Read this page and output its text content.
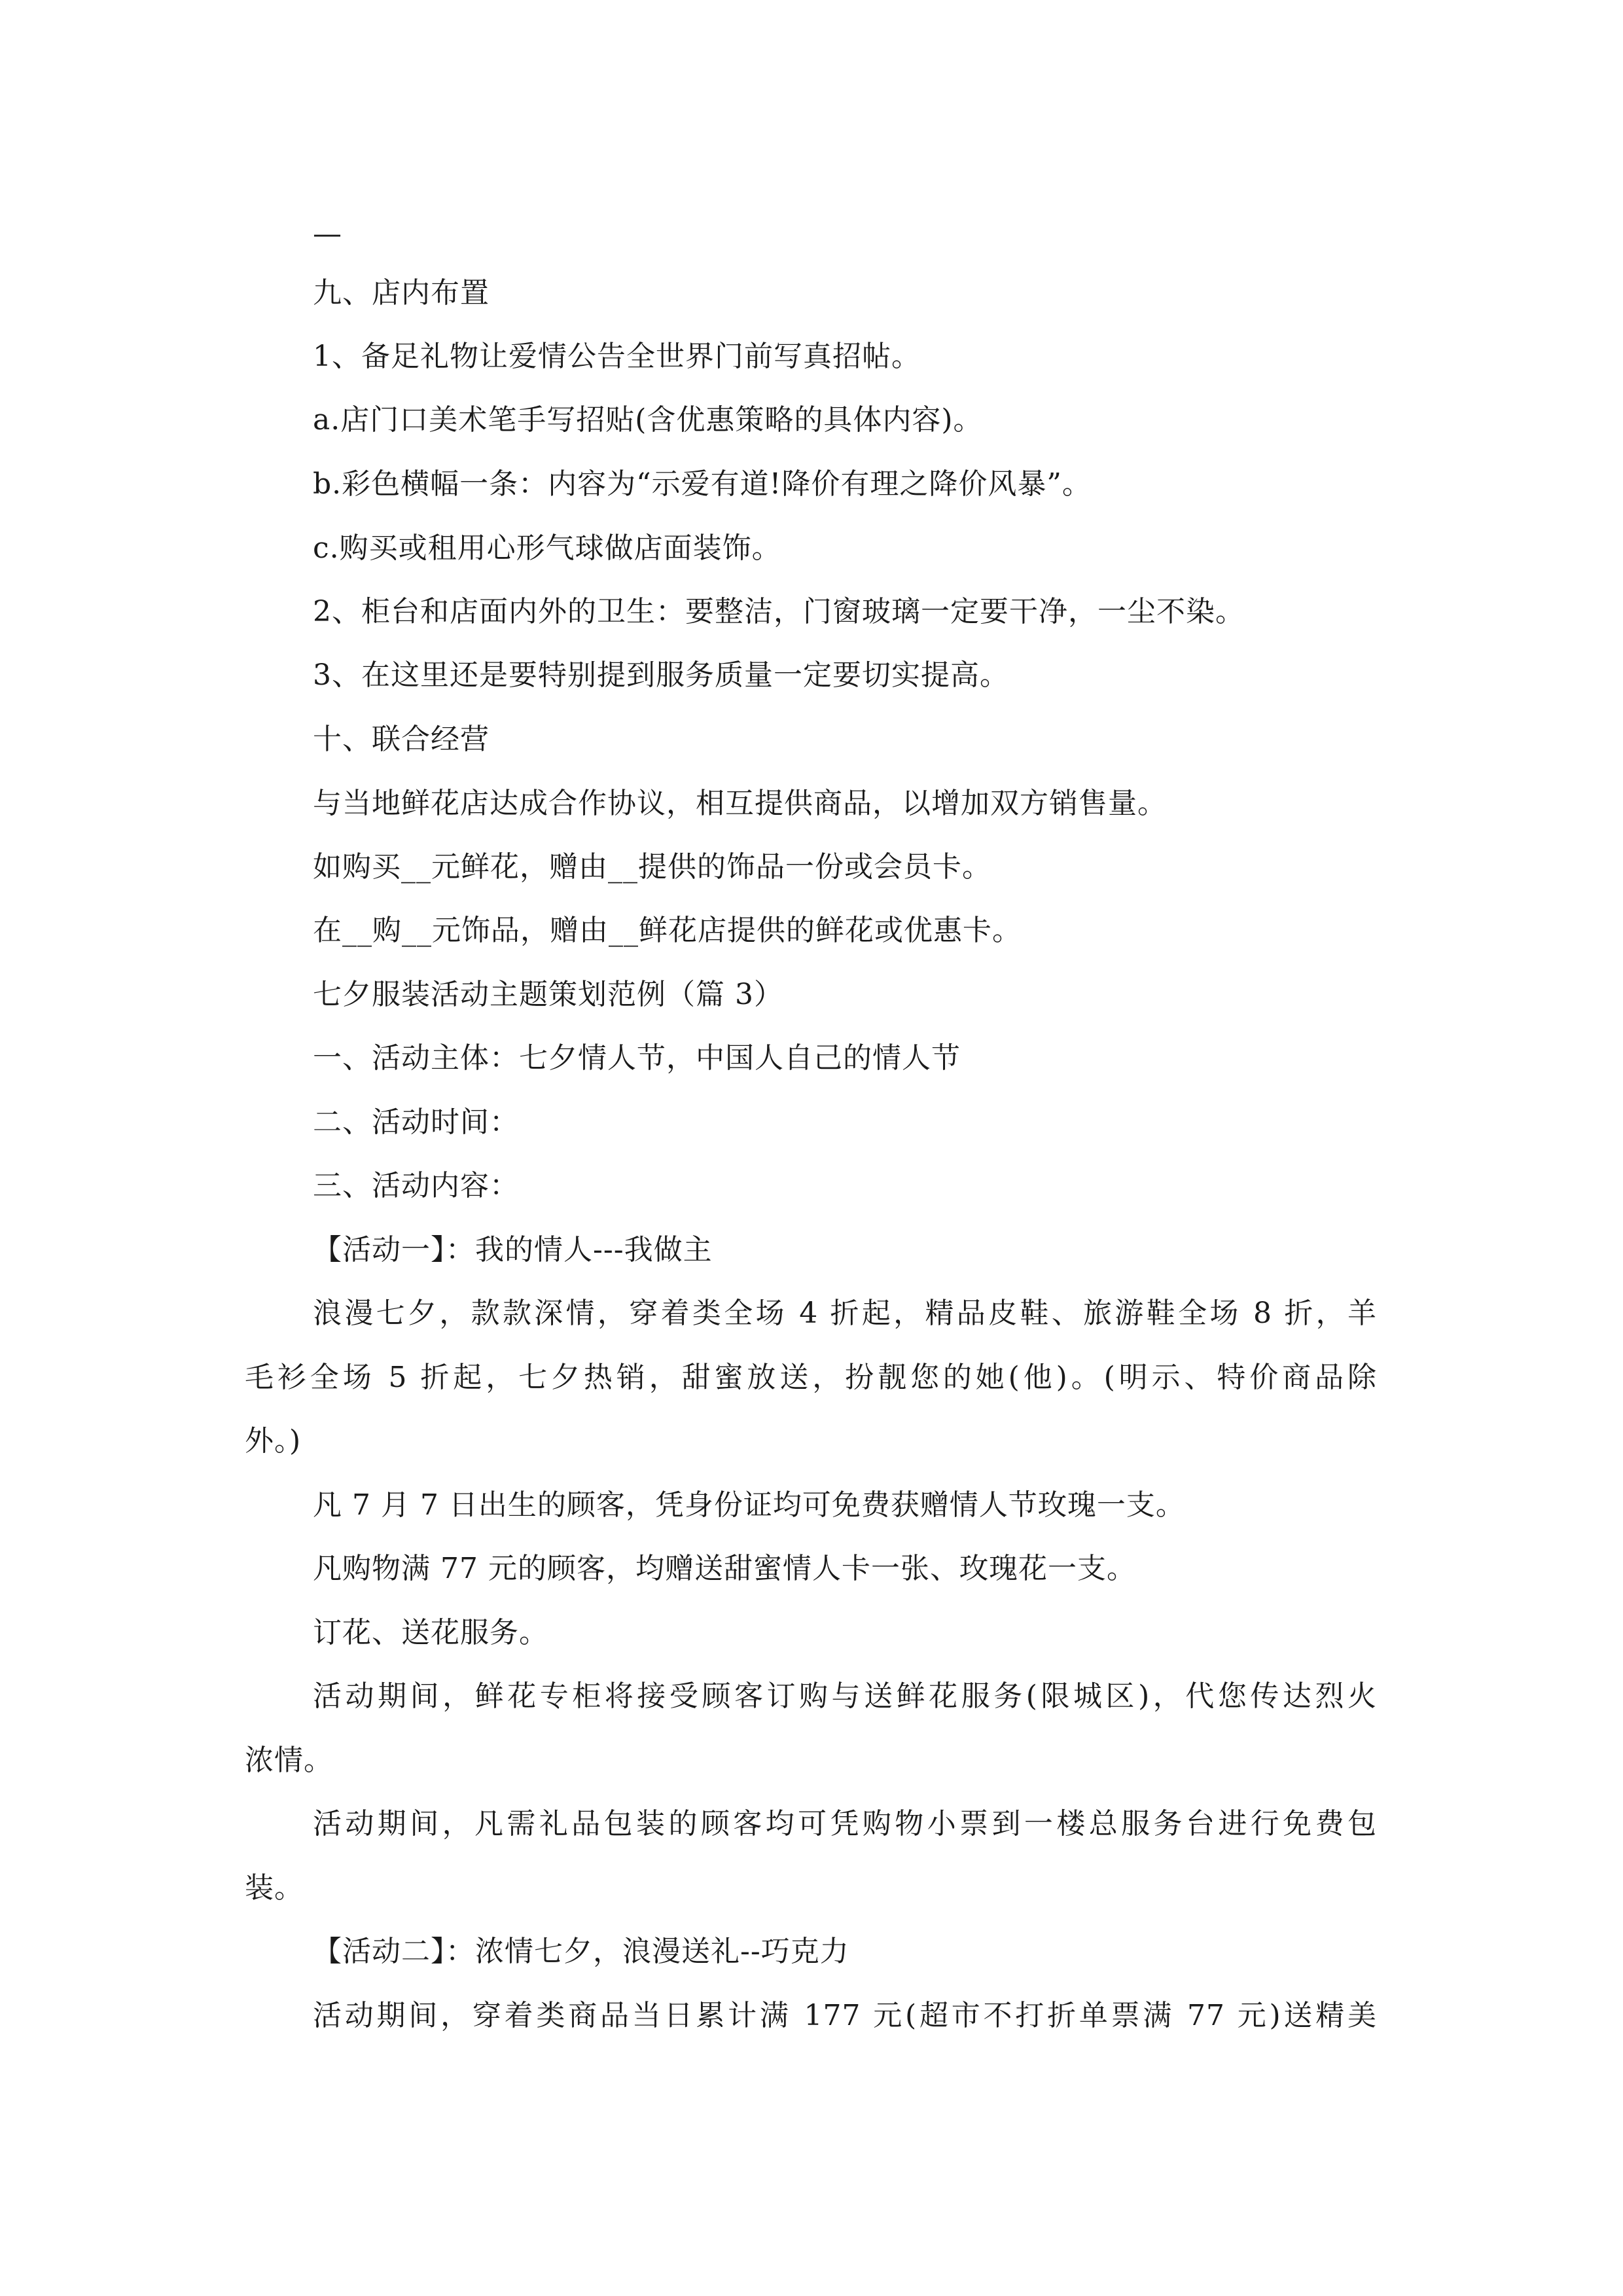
—
九、店内布置
1、备足礼物让爱情公告全世界门前写真招帖。
a.店门口美术笔手写招贴(含优惠策略的具体内容)。
b.彩色横幅一条：内容为“示爱有道!降价有理之降价风暴”。
c.购买或租用心形气球做店面装饰。
2、柜台和店面内外的卫生：要整洁，门窗玻璃一定要干净，一尘不染。
3、在这里还是要特别提到服务质量一定要切实提高。
十、联合经营
与当地鲜花店达成合作协议，相互提供商品，以增加双方销售量。
如购买__元鲜花，赠由__提供的饰品一份或会员卡。
在__购__元饰品，赠由__鲜花店提供的鲜花或优惠卡。
七夕服装活动主题策划范例（篇 3）
一、活动主体：七夕情人节，中国人自己的情人节
二、活动时间：
三、活动内容：
【活动一】：我的情人---我做主
浪漫七夕，款款深情，穿着类全场 4 折起，精品皮鞋、旅游鞋全场 8 折，羊
毛衫全场 5 折起，七夕热销，甜蜜放送，扮靓您的她(他)。(明示、特价商品除
外。)
凡 7 月 7 日出生的顾客，凭身份证均可免费获赠情人节玫瑰一支。
凡购物满 77 元的顾客，均赠送甜蜜情人卡一张、玫瑰花一支。
订花、送花服务。
活动期间，鲜花专柜将接受顾客订购与送鲜花服务(限城区)，代您传达烈火
浓情。
活动期间，凡需礼品包装的顾客均可凭购物小票到一楼总服务台进行免费包
装。
【活动二】：浓情七夕，浪漫送礼--巧克力
活动期间，穿着类商品当日累计满 177 元(超市不打折单票满 77 元)送精美
